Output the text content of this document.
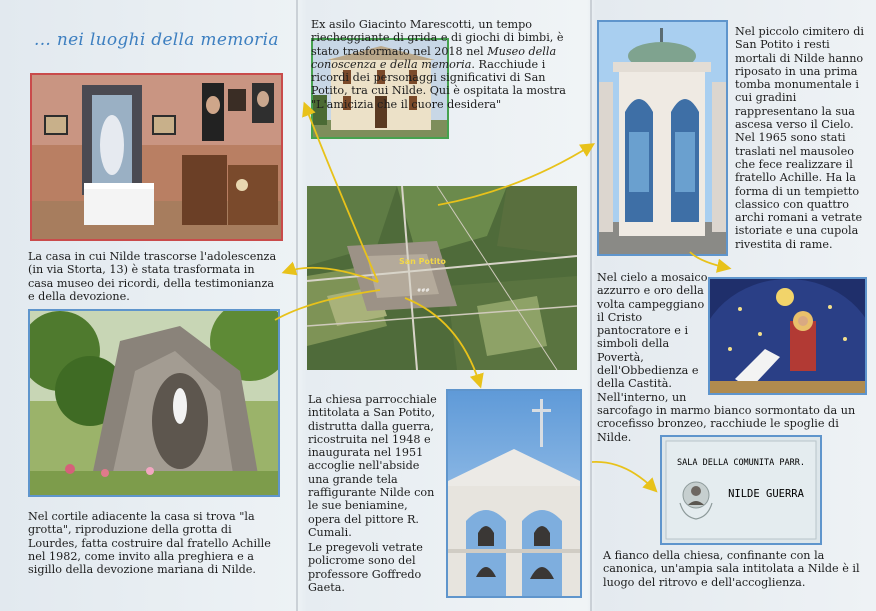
... nei luoghi della memoria
La casa in cui Nilde trascorse l'adolescenza (in via Storta, 13) è stata trasformata in casa museo dei ricordi, della testimonianza e della devozione.
Nel cortile adiacente la casa si trova "la grotta", riproduzione della grotta di Lourdes, fatta costruire dal fratello Achille nel 1982, come invito alla preghiera e a sigillo della devozione mariana di Nilde.
Ex asilo Giacinto Marescotti, un tempo riecheggiante di grida e di giochi di bimbi, è stato trasformato nel 2018 nel Museo della conoscenza e della memoria. Racchiude i ricordi dei personaggi significativi di San Potito, tra cui Nilde. Qui è ospitata la mostra "L'amicizia che il cuore desidera"
San Potito
###
La chiesa parrocchiale intitolata a San Potito, distrutta dalla guerra, ricostruita nel 1948 e inaugurata nel 1951 accoglie nell'abside una grande tela raffigurante Nilde con le sue beniamine, opera del pittore R. Cumali.
Le pregevoli vetrate policrome sono del professore Goffredo Gaeta.
Nel piccolo cimitero di San Potito i resti mortali di Nilde hanno riposato in una prima tomba monumentale i cui gradini rappresentano la sua ascesa verso il Cielo. Nel 1965 sono stati traslati nel mausoleo che fece realizzare il fratello Achille. Ha la forma di un tempietto classico con quattro archi romani a vetrate istoriate e una cupola rivestita di rame.
Nel cielo a mosaico azzurro e oro della volta campeggiano il Cristo pantocratore e i simboli della Povertà, dell'Obbedienza e della Castità. Nell'interno, un
sarcofago in marmo bianco sormontato da un crocefisso bronzeo, racchiude le spoglie di Nilde.
SALA DELLA COMUNITA PARR.
NILDE GUERRA
A fianco della chiesa, confinante con la canonica, un'ampia sala intitolata a Nilde è il luogo del ritrovo e dell'accoglienza.
